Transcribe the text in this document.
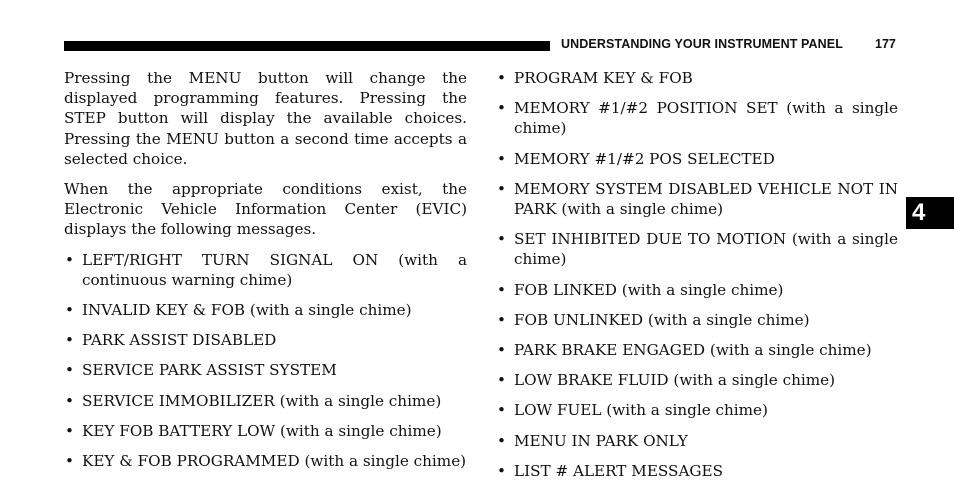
UNDERSTANDING YOUR INSTRUMENT PANEL	177
4

Pressing the MENU button will change the displayed programming features. Pressing the STEP button will display the available choices. Pressing the MENU button a second time accepts a selected choice.

When the appropriate conditions exist, the Electronic Vehicle Information Center (EVIC) displays the following messages.

• LEFT/RIGHT TURN SIGNAL ON (with a continuous warning chime)
• INVALID KEY & FOB (with a single chime)
• PARK ASSIST DISABLED
• SERVICE PARK ASSIST SYSTEM
• SERVICE IMMOBILIZER (with a single chime)
• KEY FOB BATTERY LOW (with a single chime)
• KEY & FOB PROGRAMMED (with a single chime)
• PROGRAM KEY & FOB
• MEMORY #1/#2 POSITION SET (with a single chime)
• MEMORY #1/#2 POS SELECTED
• MEMORY SYSTEM DISABLED VEHICLE NOT IN PARK (with a single chime)
• SET INHIBITED DUE TO MOTION (with a single chime)
• FOB LINKED (with a single chime)
• FOB UNLINKED (with a single chime)
• PARK BRAKE ENGAGED (with a single chime)
• LOW BRAKE FLUID (with a single chime)
• LOW FUEL (with a single chime)
• MENU IN PARK ONLY
• LIST # ALERT MESSAGES
